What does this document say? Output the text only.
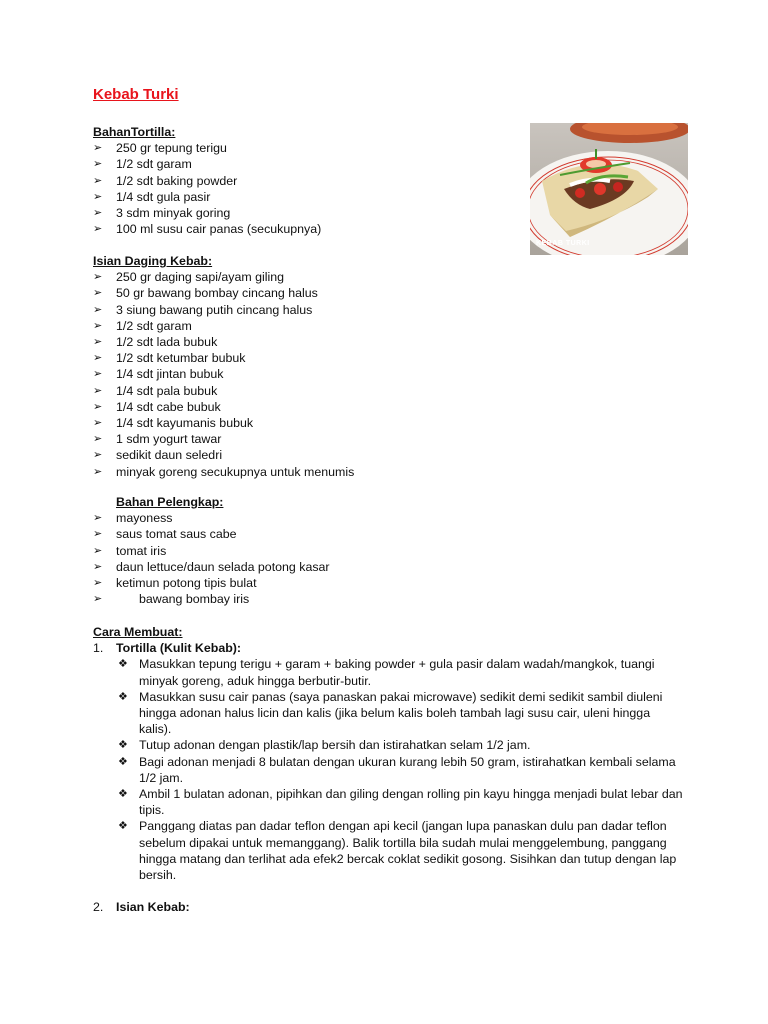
Kebab Turki
KEBAB TURKI

BahanTortilla:

➢ 250 gr tepung terigu
➢ 1/2 sdt garam
➢ 1/2 sdt baking powder
➢ 1/4 sdt gula pasir
➢ 3 sdm minyak goring
➢ 100 ml susu cair panas (secukupnya)

Isian Daging Kebab:

➢ 250 gr daging sapi/ayam giling
➢ 50 gr bawang bombay cincang halus
➢ 3 siung bawang putih cincang halus
➢ 1/2 sdt garam
➢ 1/2 sdt lada bubuk
➢ 1/2 sdt ketumbar bubuk
➢ 1/4 sdt jintan bubuk
➢ 1/4 sdt pala bubuk
➢ 1/4 sdt cabe bubuk
➢ 1/4 sdt kayumanis bubuk
➢ 1 sdm yogurt tawar
➢ sedikit daun seledri
➢ minyak goreng secukupnya untuk menumis

Bahan Pelengkap:

➢ mayoness
➢ saus tomat saus cabe
➢ tomat iris
➢ daun lettuce/daun selada potong kasar
➢ ketimun potong tipis bulat
➢	bawang bombay iris

Cara Membuat:

1. Tortilla (Kulit Kebab):
❖ Masukkan tepung terigu + garam + baking powder + gula pasir dalam wadah/mangkok, tuangi minyak goreng, aduk hingga berbutir-butir.
❖ Masukkan susu cair panas (saya panaskan pakai microwave) sedikit demi sedikit sambil diuleni hingga adonan halus licin dan kalis (jika belum kalis boleh tambah lagi susu cair, uleni hingga kalis).
❖ Tutup adonan dengan plastik/lap bersih dan istirahatkan selam 1/2 jam.
❖ Bagi adonan menjadi 8 bulatan dengan ukuran kurang lebih 50 gram, istirahatkan kembali selama 1/2 jam.
❖ Ambil 1 bulatan adonan, pipihkan dan giling dengan rolling pin kayu hingga menjadi bulat lebar dan tipis.
❖ Panggang diatas pan dadar teflon dengan api kecil (jangan lupa panaskan dulu pan dadar teflon sebelum dipakai untuk memanggang). Balik tortilla bila sudah mulai menggelembung, panggang hingga matang dan terlihat ada efek2 bercak coklat sedikit gosong. Sisihkan dan tutup dengan lap bersih.
2. Isian Kebab:
